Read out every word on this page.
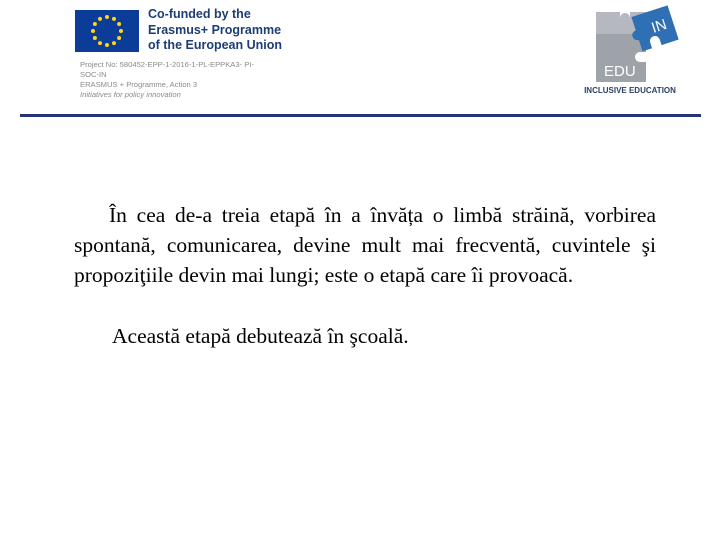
Co-funded by the
Erasmus+ Programme
of the European Union
Project No: 580452-EPP-1-2016-1-PL-EPPKA3- PI-
SOC-IN
ERASMUS + Programme, Action 3
Initiatives for policy innovation
IN
EDU
INCLUSIVE EDUCATION

În cea de-a treia etapă în a învăța o limbă străină, vorbirea spontană, comunicarea, devine mult mai frecventă, cuvintele şi propoziţiile devin mai lungi; este o etapă care îi provoacă.

Această etapă debutează în şcoală.
